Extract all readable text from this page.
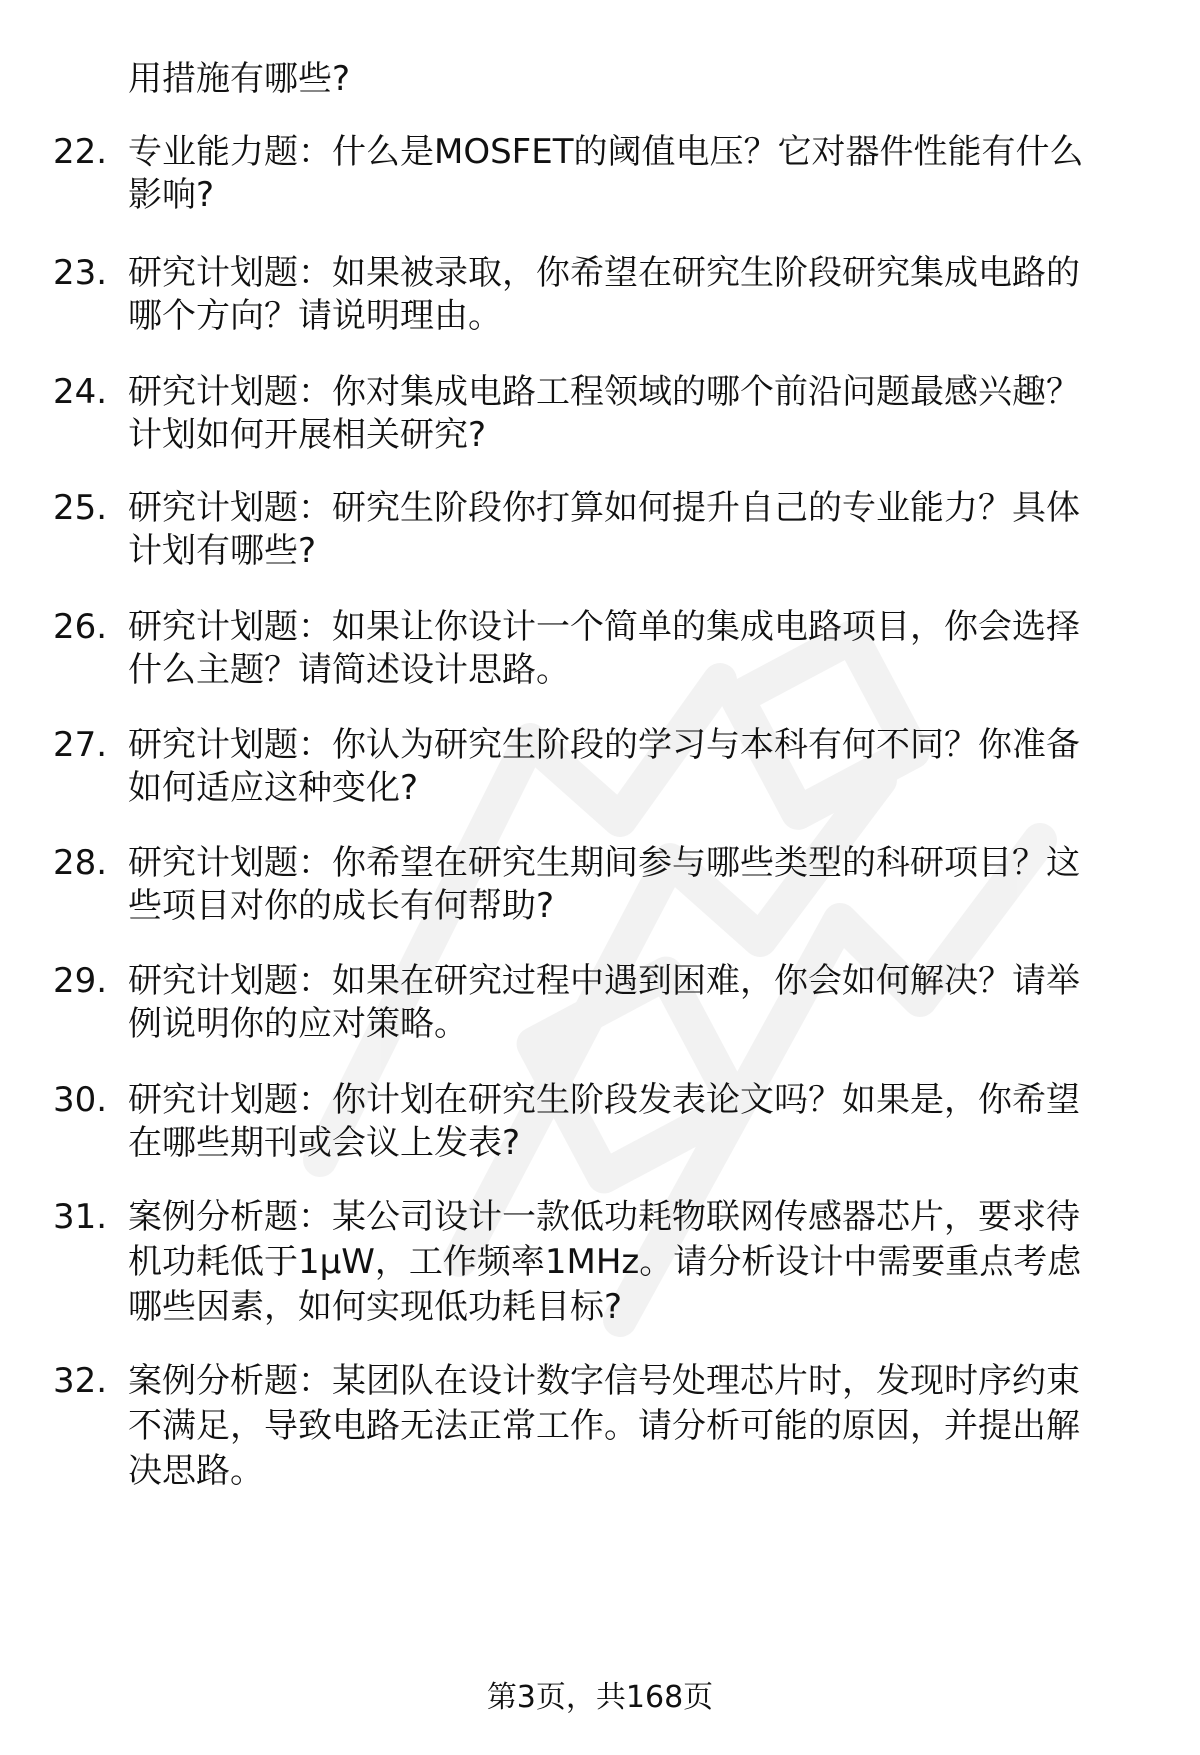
用措施有哪些?
22. 专业能力题：什么是MOSFET的阈值电压？它对器件性能有什么
影响?
23. 研究计划题：如果被录取，你希望在研究生阶段研究集成电路的
哪个方向？请说明理由。
24. 研究计划题：你对集成电路工程领域的哪个前沿问题最感兴趣？
计划如何开展相关研究?
25. 研究计划题：研究生阶段你打算如何提升自己的专业能力？具体
计划有哪些?
26. 研究计划题：如果让你设计一个简单的集成电路项目，你会选择
什么主题？请简述设计思路。
27. 研究计划题：你认为研究生阶段的学习与本科有何不同？你准备
如何适应这种变化?
28. 研究计划题：你希望在研究生期间参与哪些类型的科研项目？这
些项目对你的成长有何帮助?
29. 研究计划题：如果在研究过程中遇到困难，你会如何解决？请举
例说明你的应对策略。
30. 研究计划题：你计划在研究生阶段发表论文吗？如果是，你希望
在哪些期刊或会议上发表?
31. 案例分析题：某公司设计一款低功耗物联网传感器芯片，要求待
机功耗低于1μW，工作频率1MHz。请分析设计中需要重点考虑
哪些因素，如何实现低功耗目标?
32. 案例分析题：某团队在设计数字信号处理芯片时，发现时序约束
不满足，导致电路无法正常工作。请分析可能的原因，并提出解
决思路。
第3页，共168页
